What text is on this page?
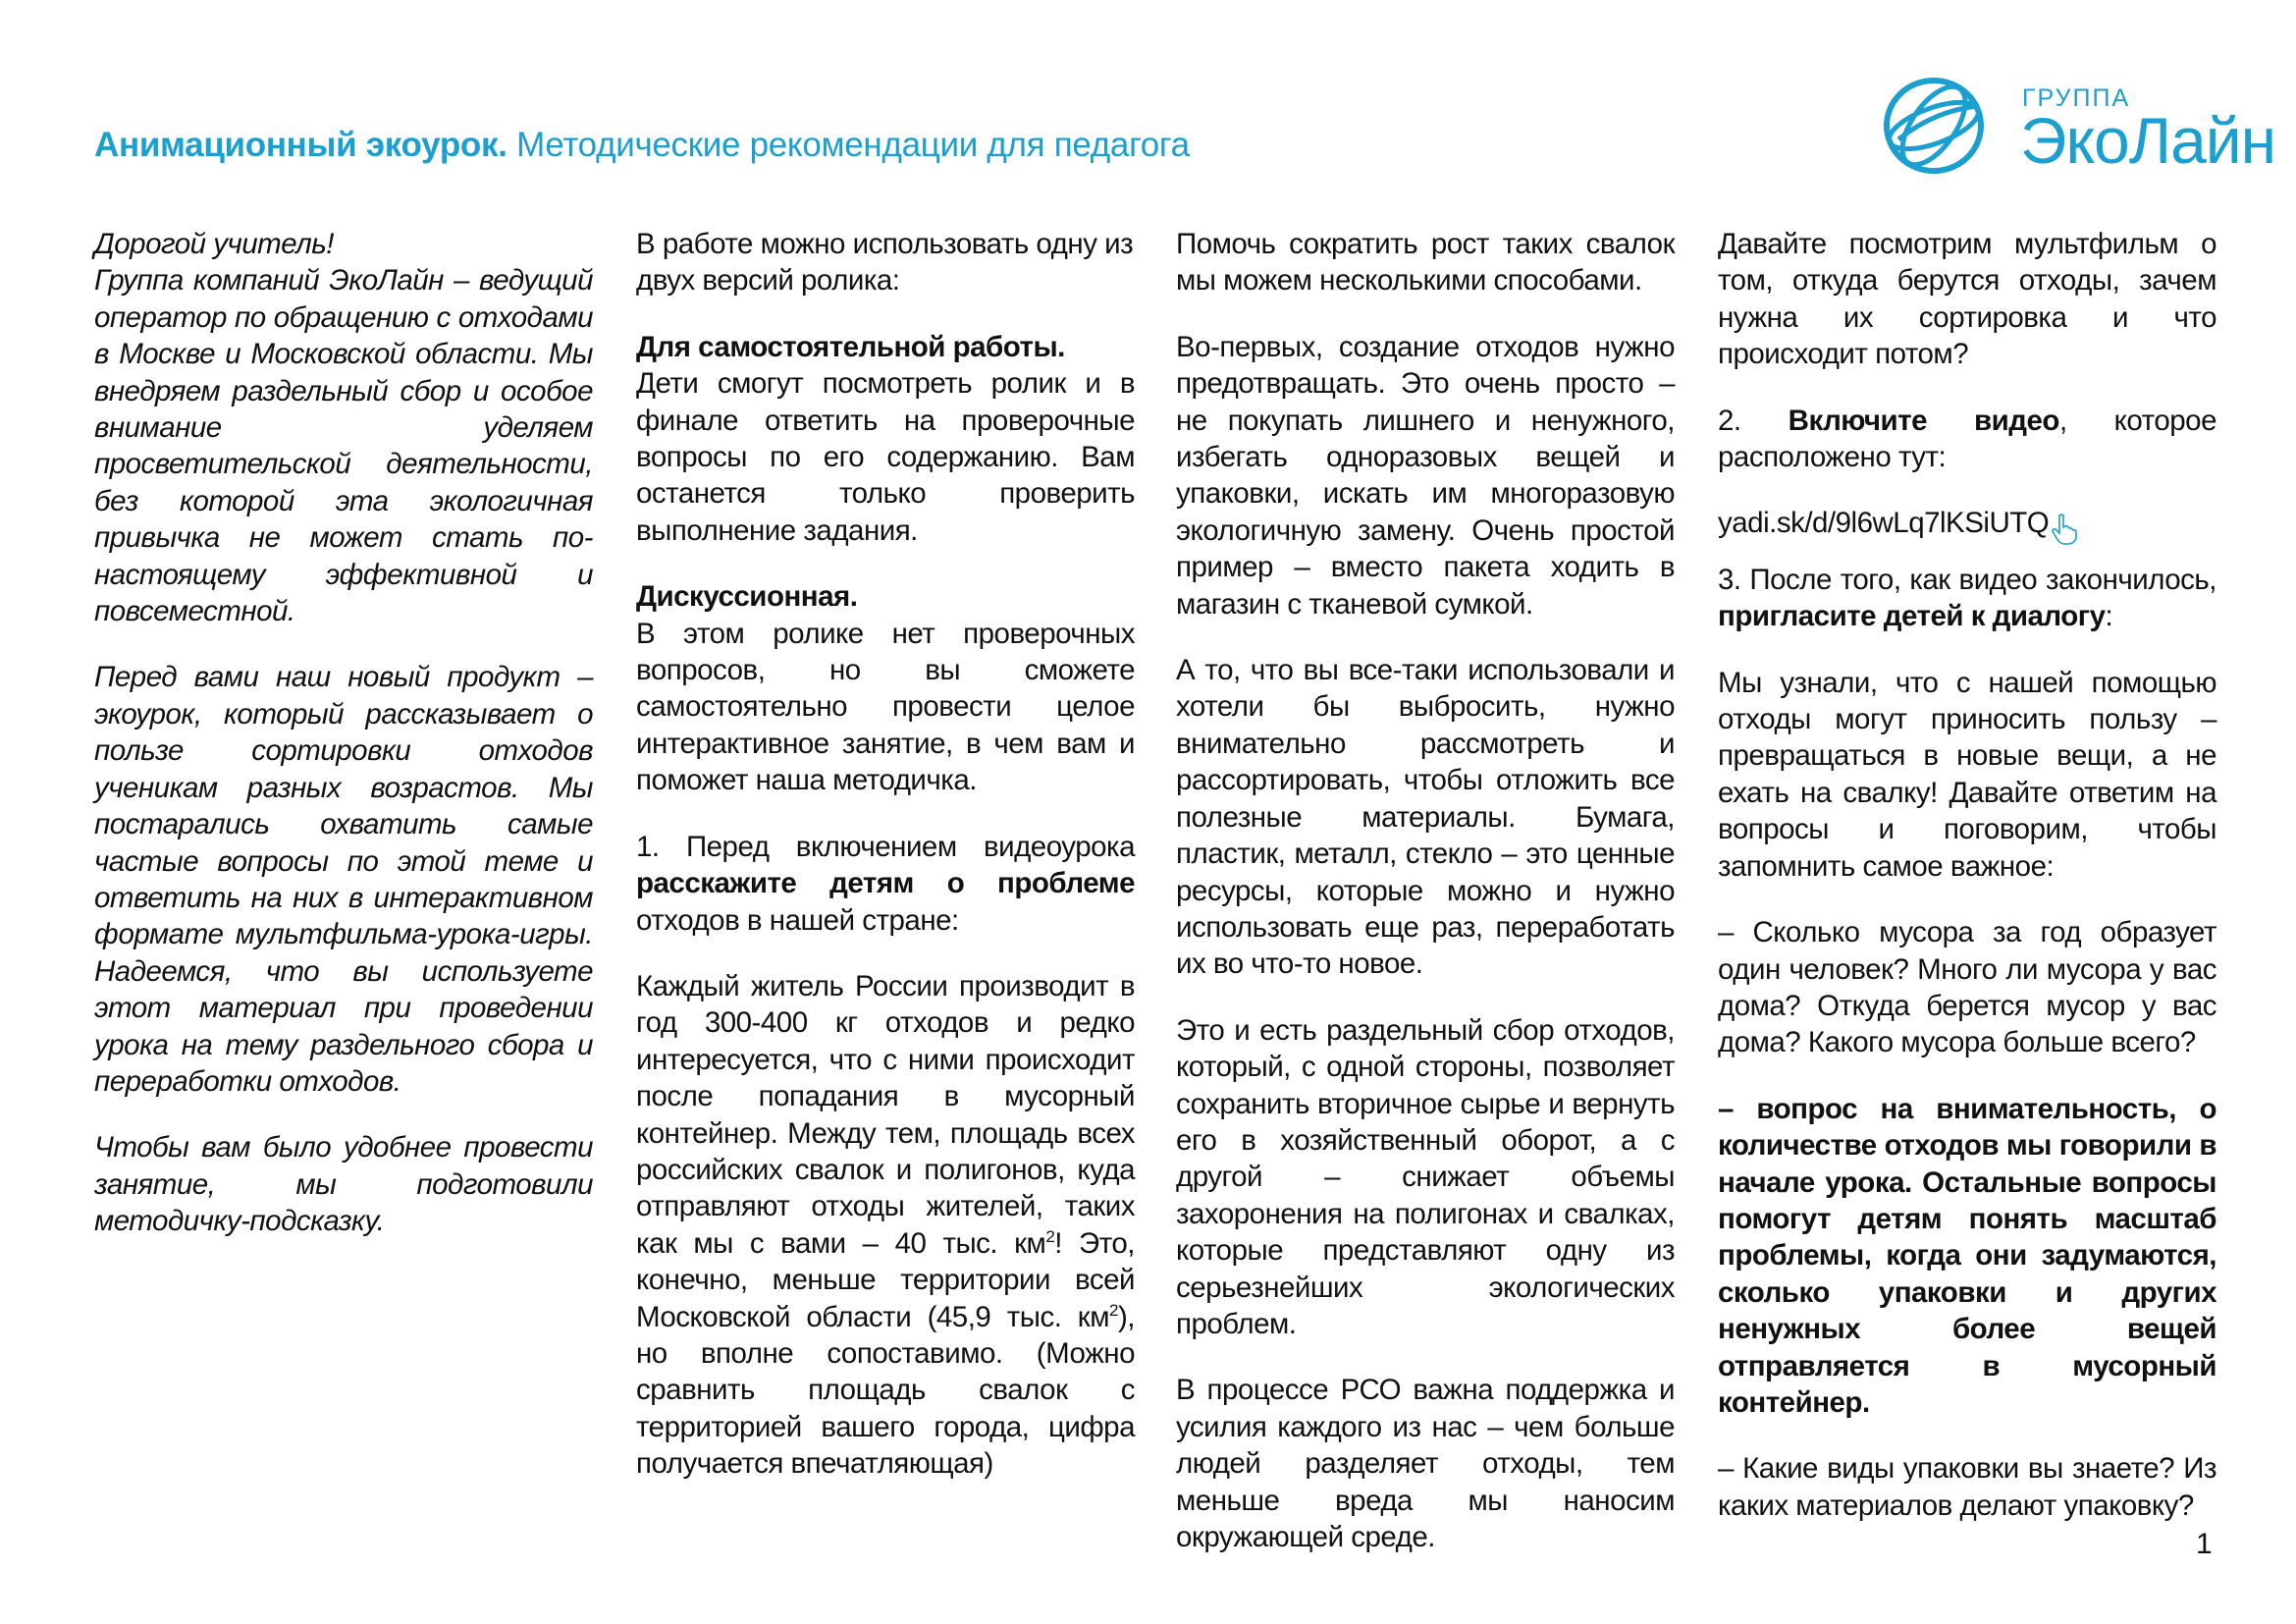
Анимационный экоурок. Методические рекомендации для педагога
ГРУППА
ЭкоЛайн

Дорогой учитель!
Группа компаний ЭкоЛайн – ведущий оператор по обращению с отходами в Москве и Московской области. Мы внедряем раздельный сбор и особое внимание уделяем просветительской деятельности, без которой эта экологичная привычка не может стать по-настоящему эффективной и повсеместной.

Перед вами наш новый продукт – экоурок, который рассказывает о пользе сортировки отходов ученикам разных возрастов. Мы постарались охватить самые частые вопросы по этой теме и ответить на них в интерактивном формате мультфильма-урока-игры. Надеемся, что вы используете этот материал при проведении урока на тему раздельного сбора и переработки отходов.

Чтобы вам было удобнее провести занятие, мы подготовили методичку-подсказку.

В работе можно использовать одну из двух версий ролика:

Для самостоятельной работы.
Дети смогут посмотреть ролик и в финале ответить на проверочные вопросы по его содержанию. Вам останется только проверить выполнение задания.

Дискуссионная.
В этом ролике нет проверочных вопросов, но вы сможете самостоятельно провести целое интерактивное занятие, в чем вам и поможет наша методичка.

1. Перед включением видеоурока расскажите детям о проблеме отходов в нашей стране:

Каждый житель России производит в год 300-400 кг отходов и редко интересуется, что с ними происходит после попадания в мусорный контейнер. Между тем, площадь всех российских свалок и полигонов, куда отправляют отходы жителей, таких как мы с вами – 40 тыс. $км^2$! Это, конечно, меньше территории всей Московской области (45,9 тыс. $км^2$), но вполне сопоставимо. (Можно сравнить площадь свалок с территорией вашего города, цифра получается впечатляющая)

Помочь сократить рост таких свалок мы можем несколькими способами.

Во-первых, создание отходов нужно предотвращать. Это очень просто – не покупать лишнего и ненужного, избегать одноразовых вещей и упаковки, искать им многоразовую экологичную замену. Очень простой пример – вместо пакета ходить в магазин с тканевой сумкой.

А то, что вы все-таки использовали и хотели бы выбросить, нужно внимательно рассмотреть и рассортировать, чтобы отложить все полезные материалы. Бумага, пластик, металл, стекло – это ценные ресурсы, которые можно и нужно использовать еще раз, переработать их во что-то новое.

Это и есть раздельный сбор отходов, который, с одной стороны, позволяет сохранить вторичное сырье и вернуть его в хозяйственный оборот, а с другой – снижает объемы захоронения на полигонах и свалках, которые представляют одну из серьезнейших экологических проблем.

В процессе РСО важна поддержка и усилия каждого из нас – чем больше людей разделяет отходы, тем меньше вреда мы наносим окружающей среде.

Давайте посмотрим мультфильм о том, откуда берутся отходы, зачем нужна их сортировка и что происходит потом?

2. Включите видео, которое расположено тут:

yadi.sk/d/9l6wLq7lKSiUTQ

3. После того, как видео закончилось, пригласите детей к диалогу:

Мы узнали, что с нашей помощью отходы могут приносить пользу – превращаться в новые вещи, а не ехать на свалку! Давайте ответим на вопросы и поговорим, чтобы запомнить самое важное:

– Сколько мусора за год образует один человек? Много ли мусора у вас дома? Откуда берется мусор у вас дома? Какого мусора больше всего?

– вопрос на внимательность, о количестве отходов мы говорили в начале урока. Остальные вопросы помогут детям понять масштаб проблемы, когда они задумаются, сколько упаковки и других ненужных более вещей отправляется в мусорный контейнер.

– Какие виды упаковки вы знаете? Из каких материалов делают упаковку?

1
